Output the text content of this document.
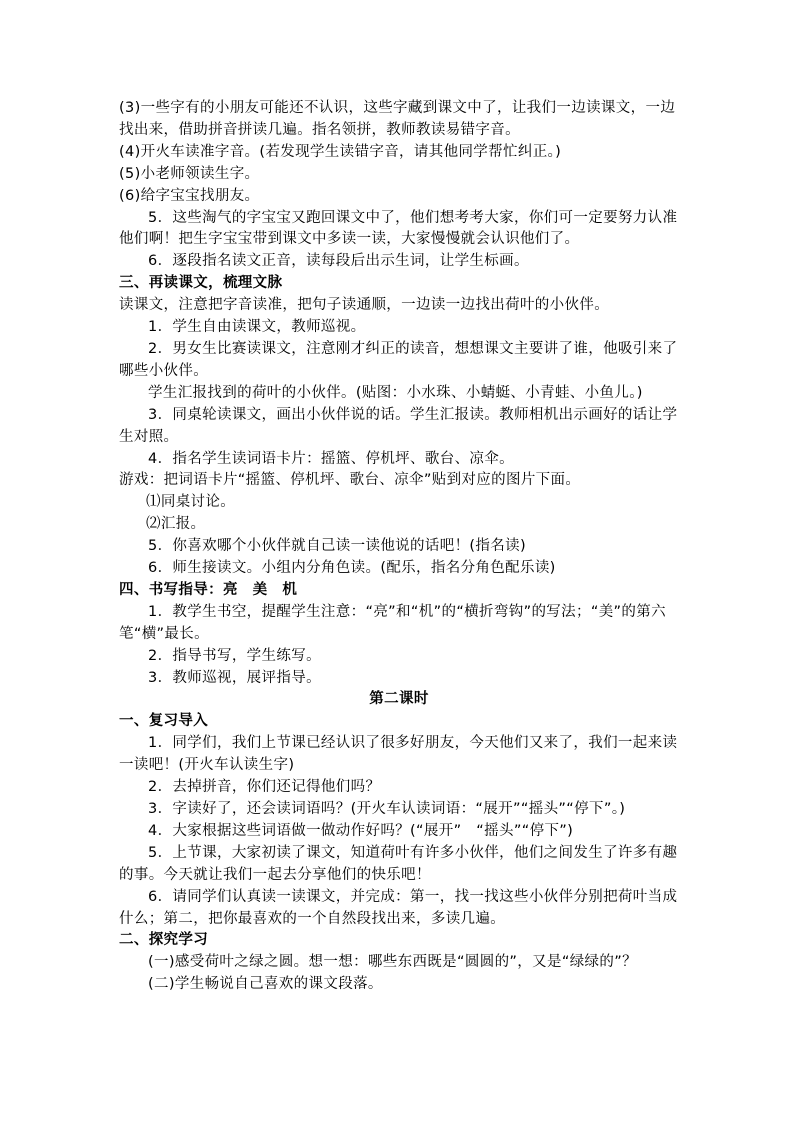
(3)一些字有的小朋友可能还不认识，这些字藏到课文中了，让我们一边读课文，一边找出来，借助拼音拼读几遍。指名领拼，教师教读易错字音。

(4)开火车读准字音。(若发现学生读错字音，请其他同学帮忙纠正。)

(5)小老师领读生字。

(6)给字宝宝找朋友。

5．这些淘气的字宝宝又跑回课文中了，他们想考考大家，你们可一定要努力认准他们啊！把生字宝宝带到课文中多读一读，大家慢慢就会认识他们了。

6．逐段指名读文正音，读每段后出示生词，让学生标画。

三、再读课文，梳理文脉

读课文，注意把字音读准，把句子读通顺，一边读一边找出荷叶的小伙伴。

1．学生自由读课文，教师巡视。

2．男女生比赛读课文，注意刚才纠正的读音，想想课文主要讲了谁，他吸引来了哪些小伙伴。

学生汇报找到的荷叶的小伙伴。(贴图：小水珠、小蜻蜓、小青蛙、小鱼儿。)

3．同桌轮读课文，画出小伙伴说的话。学生汇报读。教师相机出示画好的话让学生对照。

4．指名学生读词语卡片：摇篮、停机坪、歌台、凉伞。

游戏：把词语卡片“摇篮、停机坪、歌台、凉伞”贴到对应的图片下面。

⑴同桌讨论。

⑵汇报。

5．你喜欢哪个小伙伴就自己读一读他说的话吧！(指名读)

6．师生接读文。小组内分角色读。(配乐，指名分角色配乐读)

四、书写指导：亮　美　机

1．教学生书空，提醒学生注意：“亮”和“机”的“横折弯钩”的写法；“美”的第六笔“横”最长。

2．指导书写，学生练写。

3．教师巡视，展评指导。

第二课时

一、复习导入

1．同学们，我们上节课已经认识了很多好朋友，今天他们又来了，我们一起来读一读吧！(开火车认读生字)

2．去掉拼音，你们还记得他们吗？

3．字读好了，还会读词语吗？(开火车认读词语：“展开”“摇头”“停下”。)

4．大家根据这些词语做一做动作好吗？(“展开”　“摇头”“停下”)

5．上节课，大家初读了课文，知道荷叶有许多小伙伴，他们之间发生了许多有趣的事。今天就让我们一起去分享他们的快乐吧！

6．请同学们认真读一读课文，并完成：第一，找一找这些小伙伴分别把荷叶当成什么；第二，把你最喜欢的一个自然段找出来，多读几遍。

二、探究学习

(一)感受荷叶之绿之圆。想一想：哪些东西既是“圆圆的”，又是“绿绿的”？

(二)学生畅说自己喜欢的课文段落。
